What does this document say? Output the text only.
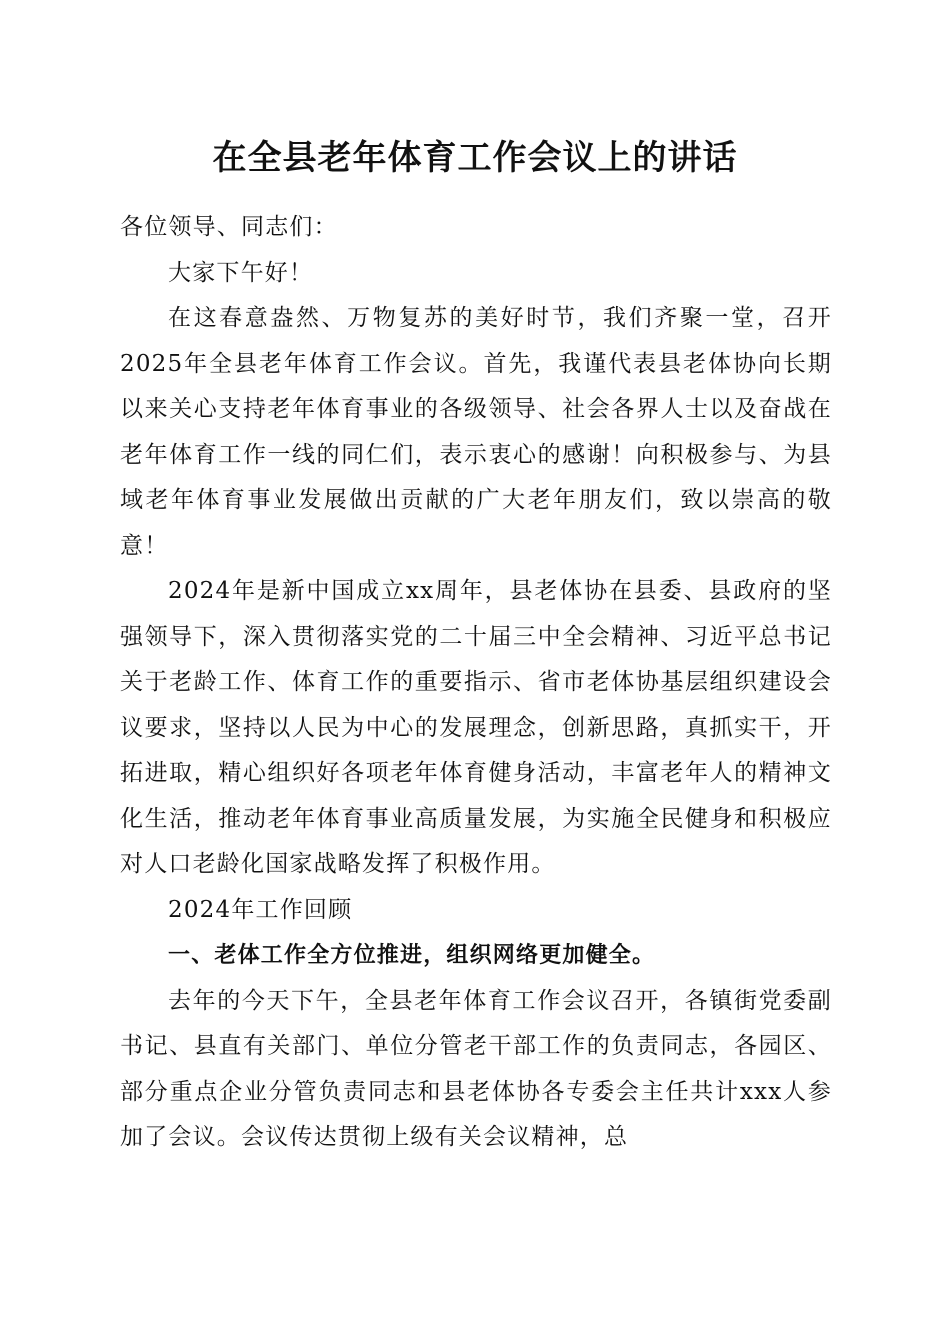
在全县老年体育工作会议上的讲话

各位领导、同志们：

大家下午好！

在这春意盎然、万物复苏的美好时节，我们齐聚一堂，召开2025年全县老年体育工作会议。首先，我谨代表县老体协向长期以来关心支持老年体育事业的各级领导、社会各界人士以及奋战在老年体育工作一线的同仁们，表示衷心的感谢！向积极参与、为县域老年体育事业发展做出贡献的广大老年朋友们，致以崇高的敬意！

2024年是新中国成立xx周年，县老体协在县委、县政府的坚强领导下，深入贯彻落实党的二十届三中全会精神、习近平总书记关于老龄工作、体育工作的重要指示、省市老体协基层组织建设会议要求，坚持以人民为中心的发展理念，创新思路，真抓实干，开拓进取，精心组织好各项老年体育健身活动，丰富老年人的精神文化生活，推动老年体育事业高质量发展，为实施全民健身和积极应对人口老龄化国家战略发挥了积极作用。

2024年工作回顾

一、老体工作全方位推进，组织网络更加健全。

去年的今天下午，全县老年体育工作会议召开，各镇街党委副书记、县直有关部门、单位分管老干部工作的负责同志，各园区、部分重点企业分管负责同志和县老体协各专委会主任共计xxx人参加了会议。会议传达贯彻上级有关会议精神，总
